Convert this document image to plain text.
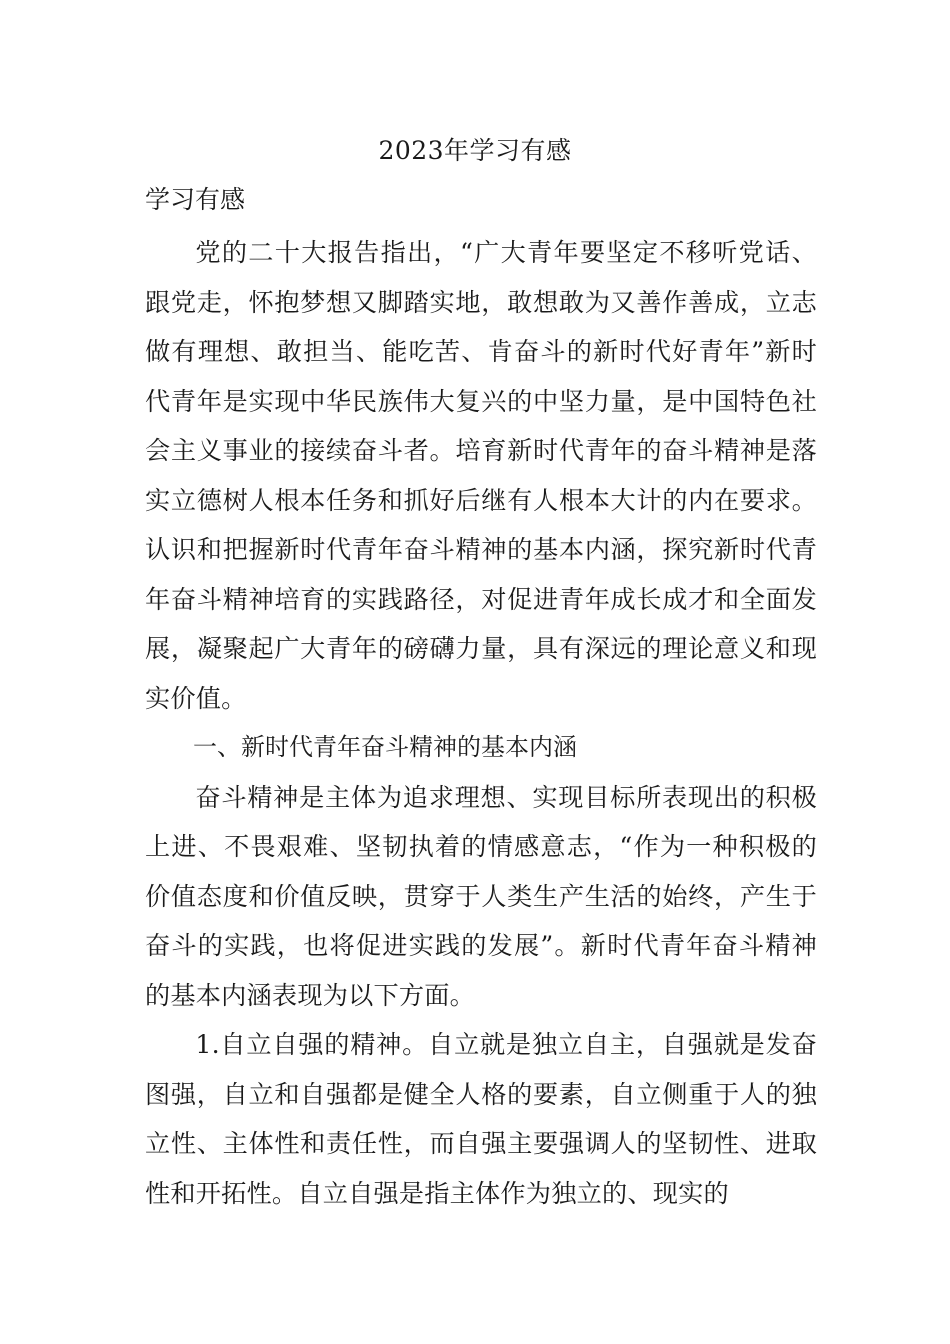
2023年学习有感
学习有感

党的二十大报告指出，“广大青年要坚定不移听党话、跟党走，怀抱梦想又脚踏实地，敢想敢为又善作善成，立志做有理想、敢担当、能吃苦、肯奋斗的新时代好青年”新时代青年是实现中华民族伟大复兴的中坚力量，是中国特色社会主义事业的接续奋斗者。培育新时代青年的奋斗精神是落实立德树人根本任务和抓好后继有人根本大计的内在要求。认识和把握新时代青年奋斗精神的基本内涵，探究新时代青年奋斗精神培育的实践路径，对促进青年成长成才和全面发展，凝聚起广大青年的磅礴力量，具有深远的理论意义和现实价值。

一、新时代青年奋斗精神的基本内涵

奋斗精神是主体为追求理想、实现目标所表现出的积极上进、不畏艰难、坚韧执着的情感意志，“作为一种积极的价值态度和价值反映，贯穿于人类生产生活的始终，产生于奋斗的实践，也将促进实践的发展”。新时代青年奋斗精神的基本内涵表现为以下方面。

1.自立自强的精神。自立就是独立自主，自强就是发奋图强，自立和自强都是健全人格的要素，自立侧重于人的独立性、主体性和责任性，而自强主要强调人的坚韧性、进取性和开拓性。自立自强是指主体作为独立的、现实的
